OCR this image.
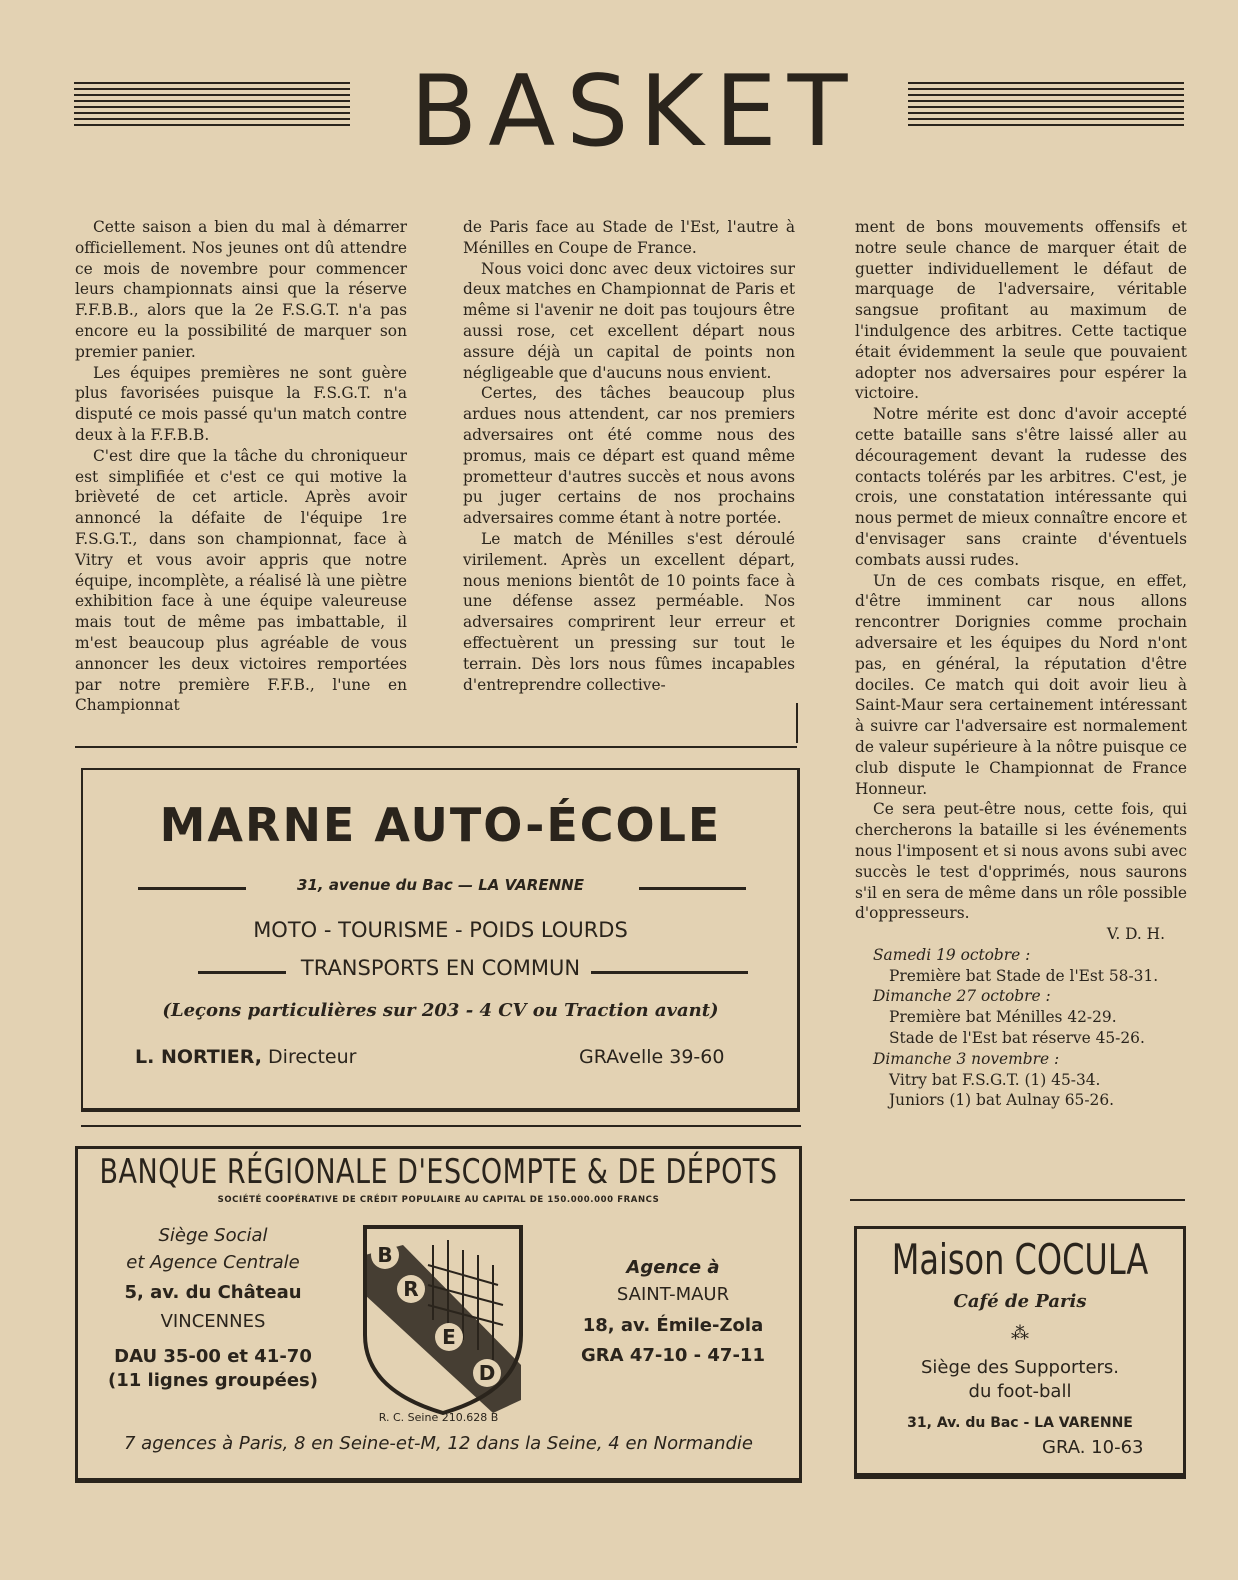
BASKET

Cette saison a bien du mal à démarrer officiellement. Nos jeunes ont dû attendre ce mois de novembre pour commencer leurs championnats ainsi que la réserve F.F.B.B., alors que la 2e F.S.G.T. n'a pas encore eu la possibilité de marquer son premier panier.

Les équipes premières ne sont guère plus favorisées puisque la F.S.G.T. n'a disputé ce mois passé qu'un match contre deux à la F.F.B.B.

C'est dire que la tâche du chroniqueur est simplifiée et c'est ce qui motive la brièveté de cet article. Après avoir annoncé la défaite de l'équipe 1re F.S.G.T., dans son championnat, face à Vitry et vous avoir appris que notre équipe, incomplète, a réalisé là une piètre exhibition face à une équipe valeureuse mais tout de même pas imbattable, il m'est beaucoup plus agréable de vous annoncer les deux victoires remportées par notre première F.F.B., l'une en Championnat

de Paris face au Stade de l'Est, l'autre à Ménilles en Coupe de France.

Nous voici donc avec deux victoires sur deux matches en Championnat de Paris et même si l'avenir ne doit pas toujours être aussi rose, cet excellent départ nous assure déjà un capital de points non négligeable que d'aucuns nous envient.

Certes, des tâches beaucoup plus ardues nous attendent, car nos premiers adversaires ont été comme nous des promus, mais ce départ est quand même prometteur d'autres succès et nous avons pu juger certains de nos prochains adversaires comme étant à notre portée.

Le match de Ménilles s'est déroulé virilement. Après un excellent départ, nous menions bientôt de 10 points face à une défense assez perméable. Nos adversaires comprirent leur erreur et effectuèrent un pressing sur tout le terrain. Dès lors nous fûmes incapables d'entreprendre collective-

ment de bons mouvements offensifs et notre seule chance de marquer était de guetter individuellement le défaut de marquage de l'adversaire, véritable sangsue profitant au maximum de l'indulgence des arbitres. Cette tactique était évidemment la seule que pouvaient adopter nos adversaires pour espérer la victoire.

Notre mérite est donc d'avoir accepté cette bataille sans s'être laissé aller au découragement devant la rudesse des contacts tolérés par les arbitres. C'est, je crois, une constatation intéressante qui nous permet de mieux connaître encore et d'envisager sans crainte d'éventuels combats aussi rudes.

Un de ces combats risque, en effet, d'être imminent car nous allons rencontrer Dorignies comme prochain adversaire et les équipes du Nord n'ont pas, en général, la réputation d'être dociles. Ce match qui doit avoir lieu à Saint-Maur sera certainement intéressant à suivre car l'adversaire est normalement de valeur supérieure à la nôtre puisque ce club dispute le Championnat de France Honneur.

Ce sera peut-être nous, cette fois, qui chercherons la bataille si les événements nous l'imposent et si nous avons subi avec succès le test d'opprimés, nous saurons s'il en sera de même dans un rôle possible d'oppresseurs.

V. D. H.

Samedi 19 octobre :

Première bat Stade de l'Est 58-31.

Dimanche 27 octobre :

Première bat Ménilles 42-29.

Stade de l'Est bat réserve 45-26.

Dimanche 3 novembre :

Vitry bat F.S.G.T. (1) 45-34.

Juniors (1) bat Aulnay 65-26.

MARNE AUTO-ÉCOLE
31, avenue du Bac — LA VARENNE
MOTO - TOURISME - POIDS LOURDS
TRANSPORTS EN COMMUN
(Leçons particulières sur 203 - 4 CV ou Traction avant)
L. NORTIER, Directeur	GRAvelle 39-60
BANQUE RÉGIONALE D'ESCOMPTE & DE DÉPOTS
SOCIÉTÉ COOPÉRATIVE DE CRÉDIT POPULAIRE AU CAPITAL DE 150.000.000 FRANCS
Siège Social
et Agence Centrale
5, av. du Château
VINCENNES
DAU 35-00 et 41-70
(11 lignes groupées)
B
R
E
D
Agence à
SAINT-MAUR
18, av. Émile-Zola
GRA 47-10 - 47-11
R. C. Seine 210.628 B
7 agences à Paris, 8 en Seine-et-M, 12 dans la Seine, 4 en Normandie
Maison COCULA
Café de Paris
⁂
Siège des Supporters.
du foot-ball
31, Av. du Bac - LA VARENNE
GRA. 10-63
